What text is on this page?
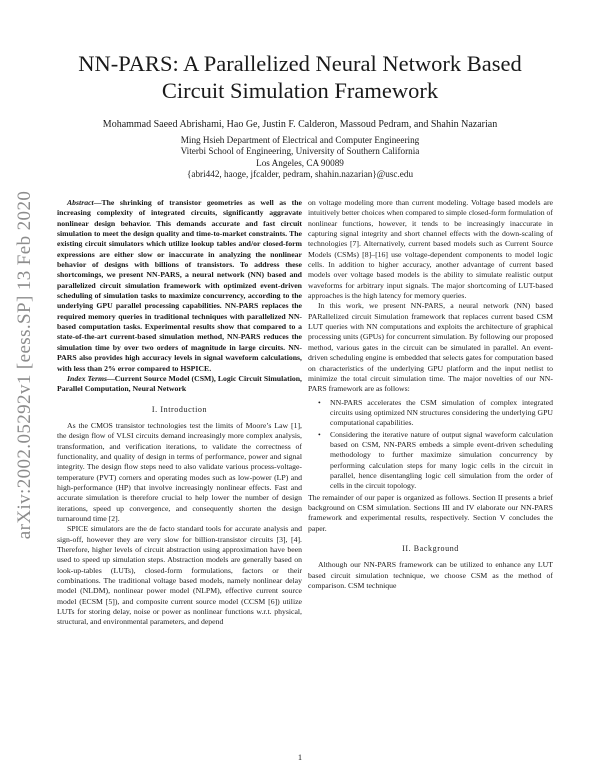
NN-PARS: A Parallelized Neural Network Based
Circuit Simulation Framework
Mohammad Saeed Abrishami, Hao Ge, Justin F. Calderon, Massoud Pedram, and Shahin Nazarian
Ming Hsieh Department of Electrical and Computer Engineering
Viterbi School of Engineering, University of Southern California
Los Angeles, CA 90089
{abri442, haoge, jfcalder, pedram, shahin.nazarian}@usc.edu
arXiv:2002.05292v1 [eess.SP] 13 Feb 2020	Abstract—The shrinking of transistor geometries as well as the increasing complexity of integrated circuits, significantly aggravate nonlinear design behavior. This demands accurate and fast circuit simulation to meet the design quality and time-to-market constraints. The existing circuit simulators which utilize lookup tables and/or closed-form expressions are either slow or inaccurate in analyzing the nonlinear behavior of designs with billions of transistors. To address these shortcomings, we present NN-PARS, a neural network (NN) based and parallelized circuit simulation framework with optimized event-driven scheduling of simulation tasks to maximize concurrency, according to the underlying GPU parallel processing capabilities. NN-PARS replaces the required memory queries in traditional techniques with parallelized NN-based computation tasks. Experimental results show that compared to a state-of-the-art current-based simulation method, NN-PARS reduces the simulation time by over two orders of magnitude in large circuits. NN-PARS also provides high accuracy levels in signal waveform calculations, with less than 2% error compared to HSPICE.

Index Terms—Current Source Model (CSM), Logic Circuit Simulation, Parallel Computation, Neural Network

I. Introduction

As the CMOS transistor technologies test the limits of Moore’s Law [1], the design flow of VLSI circuits demand increasingly more complex analysis, transformation, and verification iterations, to validate the correctness of functionality, and quality of design in terms of performance, power and signal integrity. The design flow steps need to also validate various process-voltage-temperature (PVT) corners and operating modes such as low-power (LP) and high-performance (HP) that involve increasingly nonlinear effects. Fast and accurate simulation is therefore crucial to help lower the number of design iterations, speed up convergence, and consequently shorten the design turnaround time [2].

SPICE simulators are the de facto standard tools for accurate analysis and sign-off, however they are very slow for billion-transistor circuits [3], [4]. Therefore, higher levels of circuit abstraction using approximation have been used to speed up simulation steps. Abstraction models are generally based on look-up-tables (LUTs), closed-form formulations, factors or their combinations. The traditional voltage based models, namely nonlinear delay model (NLDM), nonlinear power model (NLPM), effective current source model (ECSM [5]), and composite current source model (CCSM [6]) utilize LUTs for storing delay, noise or power as nonlinear functions w.r.t. physical, structural, and environmental parameters, and depend

on voltage modeling more than current modeling. Voltage based models are intuitively better choices when compared to simple closed-form formulation of nonlinear functions, however, it tends to be increasingly inaccurate in capturing signal integrity and short channel effects with the down-scaling of technologies [7]. Alternatively, current based models such as Current Source Models (CSMs) [8]–[16] use voltage-dependent components to model logic cells. In addition to higher accuracy, another advantage of current based models over voltage based models is the ability to simulate realistic output waveforms for arbitrary input signals. The major shortcoming of LUT-based approaches is the high latency for memory queries.

In this work, we present NN-PARS, a neural network (NN) based PARallelized circuit Simulation framework that replaces current based CSM LUT queries with NN computations and exploits the architecture of graphical processing units (GPUs) for concurrent simulation. By following our proposed method, various gates in the circuit can be simulated in parallel. An event-driven scheduling engine is embedded that selects gates for computation based on characteristics of the underlying GPU platform and the input netlist to minimize the total circuit simulation time. The major novelties of our NN-PARS framework are as follows:

• NN-PARS accelerates the CSM simulation of complex integrated circuits using optimized NN structures considering the underlying GPU computational capabilities.
• Considering the iterative nature of output signal waveform calculation based on CSM, NN-PARS embeds a simple event-driven scheduling methodology to further maximize simulation concurrency by performing calculation steps for many logic cells in the circuit in parallel, hence disentangling logic cell simulation from the order of cells in the circuit topology.

The remainder of our paper is organized as follows. Section II presents a brief background on CSM simulation. Sections III and IV elaborate our NN-PARS framework and experimental results, respectively. Section V concludes the paper.

II. Background

Although our NN-PARS framework can be utilized to enhance any LUT based circuit simulation technique, we choose CSM as the method of comparison. CSM technique

1
